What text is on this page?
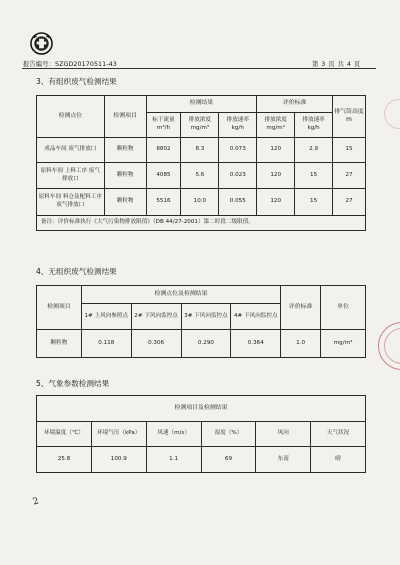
报告编号：SZGD20170511-43	第 3 页 共 4 页
3、有组织废气检测结果
检测点位	检测项目	检测结果			评价标准		排气筒高度 m
		标干流量 m³/h	排放浓度 mg/m³	排放速率 kg/h	排放浓度 mg/m³	排放速率 kg/h	
成品车间 废气排放口	颗粒物	8802	8.3	0.073	120	2.9	15
原料车间 上料工序 废气排放口	颗粒物	4085	5.6	0.023	120	15	27
原料车间 料仓及配料工序 废气排放口	颗粒物	5516	10.0	0.055	120	15	27
备注：评价标准执行《大气污染物排放限值》（DB 44/27-2001）第二时段二级限值。							
4、无组织废气检测结果
检测项目	检测点位及检测结果				评价标准	单位
	1# 上风向参照点	2# 下风向监控点	3# 下风向监控点	4# 下风向监控点		
颗粒物	0.118	0.306	0.290	0.364	1.0	mg/m³
5、气象参数检测结果
检测项目及检测结果					
环境温度（℃）	环境气压（kPa）	风速（m/s）	湿度（%）	风向	天气状况
25.8	100.9	1.1	69	东南	晴
2
